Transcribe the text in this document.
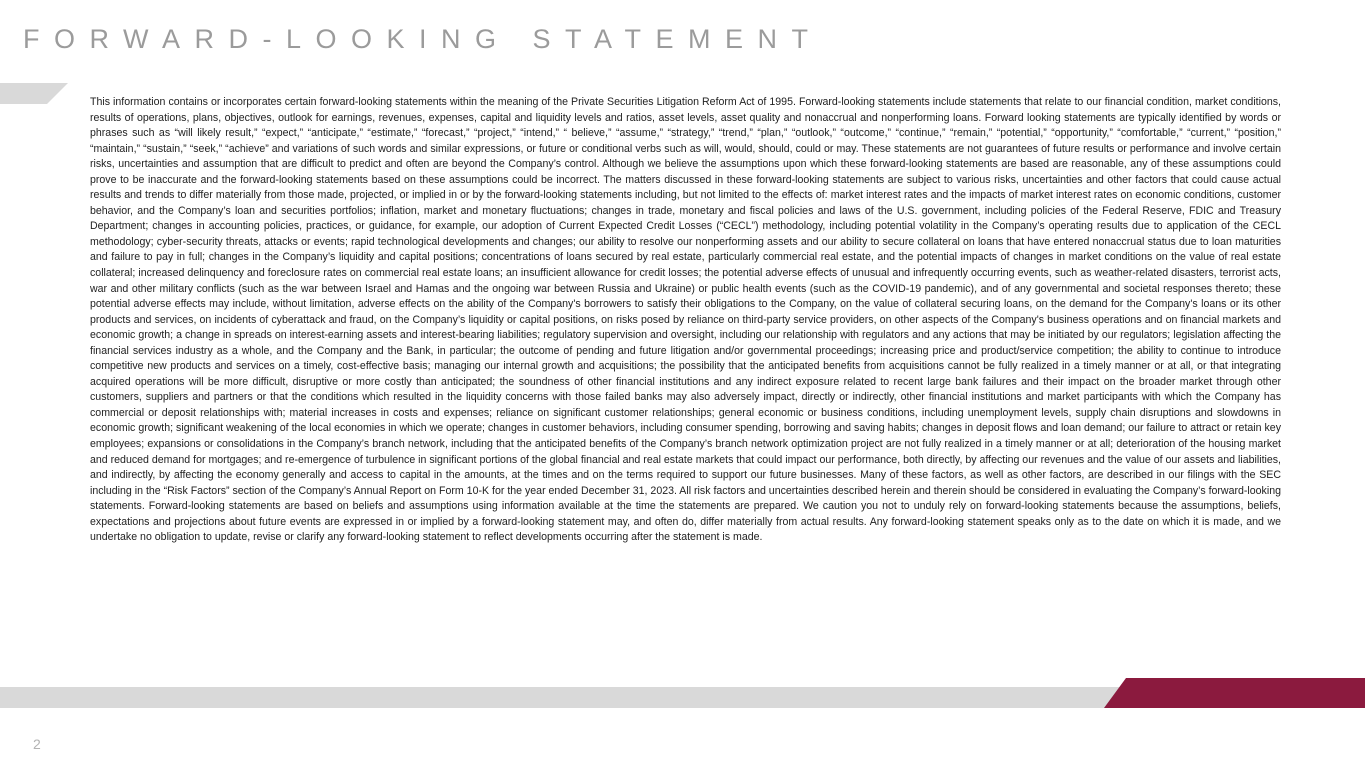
FORWARD-LOOKING STATEMENT

This information contains or incorporates certain forward-looking statements within the meaning of the Private Securities Litigation Reform Act of 1995. Forward-looking statements include statements that relate to our financial condition, market conditions, results of operations, plans, objectives, outlook for earnings, revenues, expenses, capital and liquidity levels and ratios, asset levels, asset quality and nonaccrual and nonperforming loans. Forward looking statements are typically identified by words or phrases such as “will likely result,” “expect,” “anticipate,” “estimate,” “forecast,” “project,” “intend,” “ believe,” “assume,” “strategy,” “trend,” “plan,” “outlook,” “outcome,” “continue,” “remain,” “potential,” “opportunity,” “comfortable,” “current,” “position,” “maintain,” “sustain,” “seek,” “achieve” and variations of such words and similar expressions, or future or conditional verbs such as will, would, should, could or may. These statements are not guarantees of future results or performance and involve certain risks, uncertainties and assumption that are difficult to predict and often are beyond the Company’s control. Although we believe the assumptions upon which these forward-looking statements are based are reasonable, any of these assumptions could prove to be inaccurate and the forward-looking statements based on these assumptions could be incorrect. The matters discussed in these forward-looking statements are subject to various risks, uncertainties and other factors that could cause actual results and trends to differ materially from those made, projected, or implied in or by the forward-looking statements including, but not limited to the effects of: market interest rates and the impacts of market interest rates on economic conditions, customer behavior, and the Company’s loan and securities portfolios; inflation, market and monetary fluctuations; changes in trade, monetary and fiscal policies and laws of the U.S. government, including policies of the Federal Reserve, FDIC and Treasury Department; changes in accounting policies, practices, or guidance, for example, our adoption of Current Expected Credit Losses (“CECL”) methodology, including potential volatility in the Company’s operating results due to application of the CECL methodology; cyber-security threats, attacks or events; rapid technological developments and changes; our ability to resolve our nonperforming assets and our ability to secure collateral on loans that have entered nonaccrual status due to loan maturities and failure to pay in full; changes in the Company’s liquidity and capital positions; concentrations of loans secured by real estate, particularly commercial real estate, and the potential impacts of changes in market conditions on the value of real estate collateral; increased delinquency and foreclosure rates on commercial real estate loans; an insufficient allowance for credit losses; the potential adverse effects of unusual and infrequently occurring events, such as weather-related disasters, terrorist acts, war and other military conflicts (such as the war between Israel and Hamas and the ongoing war between Russia and Ukraine) or public health events (such as the COVID-19 pandemic), and of any governmental and societal responses thereto; these potential adverse effects may include, without limitation, adverse effects on the ability of the Company's borrowers to satisfy their obligations to the Company, on the value of collateral securing loans, on the demand for the Company's loans or its other products and services, on incidents of cyberattack and fraud, on the Company’s liquidity or capital positions, on risks posed by reliance on third-party service providers, on other aspects of the Company's business operations and on financial markets and economic growth; a change in spreads on interest-earning assets and interest-bearing liabilities; regulatory supervision and oversight, including our relationship with regulators and any actions that may be initiated by our regulators; legislation affecting the financial services industry as a whole, and the Company and the Bank, in particular; the outcome of pending and future litigation and/or governmental proceedings; increasing price and product/service competition; the ability to continue to introduce competitive new products and services on a timely, cost-effective basis; managing our internal growth and acquisitions; the possibility that the anticipated benefits from acquisitions cannot be fully realized in a timely manner or at all, or that integrating acquired operations will be more difficult, disruptive or more costly than anticipated; the soundness of other financial institutions and any indirect exposure related to recent large bank failures and their impact on the broader market through other customers, suppliers and partners or that the conditions which resulted in the liquidity concerns with those failed banks may also adversely impact, directly or indirectly, other financial institutions and market participants with which the Company has commercial or deposit relationships with; material increases in costs and expenses; reliance on significant customer relationships; general economic or business conditions, including unemployment levels, supply chain disruptions and slowdowns in economic growth; significant weakening of the local economies in which we operate; changes in customer behaviors, including consumer spending, borrowing and saving habits; changes in deposit flows and loan demand; our failure to attract or retain key employees; expansions or consolidations in the Company’s branch network, including that the anticipated benefits of the Company’s branch network optimization project are not fully realized in a timely manner or at all; deterioration of the housing market and reduced demand for mortgages; and re-emergence of turbulence in significant portions of the global financial and real estate markets that could impact our performance, both directly, by affecting our revenues and the value of our assets and liabilities, and indirectly, by affecting the economy generally and access to capital in the amounts, at the times and on the terms required to support our future businesses. Many of these factors, as well as other factors, are described in our filings with the SEC including in the “Risk Factors” section of the Company’s Annual Report on Form 10-K for the year ended December 31, 2023. All risk factors and uncertainties described herein and therein should be considered in evaluating the Company’s forward-looking statements. Forward-looking statements are based on beliefs and assumptions using information available at the time the statements are prepared. We caution you not to unduly rely on forward-looking statements because the assumptions, beliefs, expectations and projections about future events are expressed in or implied by a forward-looking statement may, and often do, differ materially from actual results. Any forward-looking statement speaks only as to the date on which it is made, and we undertake no obligation to update, revise or clarify any forward-looking statement to reflect developments occurring after the statement is made.

2
